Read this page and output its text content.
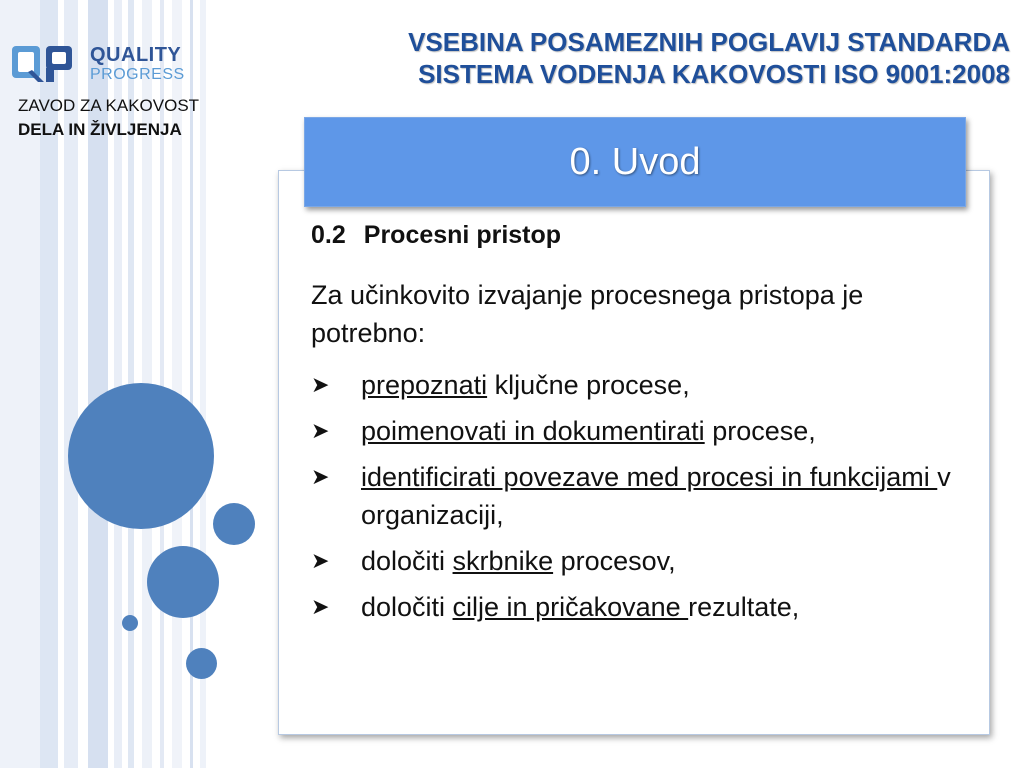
QUALITY
PROGRESS
ZAVOD ZA KAKOVOST
DELA IN ŽIVLJENJA
VSEBINA POSAMEZNIH POGLAVIJ STANDARDA
SISTEMA VODENJA KAKOVOSTI ISO 9001:2008
0. Uvod
0.2 Procesni pristop
Za učinkovito izvajanje procesnega pristopa je potrebno:
➤ prepoznati ključne procese,
➤ poimenovati in dokumentirati procese,
➤ identificirati povezave med procesi in funkcijami v organizaciji,
➤ določiti skrbnike procesov,
➤ določiti cilje in pričakovane rezultate,
